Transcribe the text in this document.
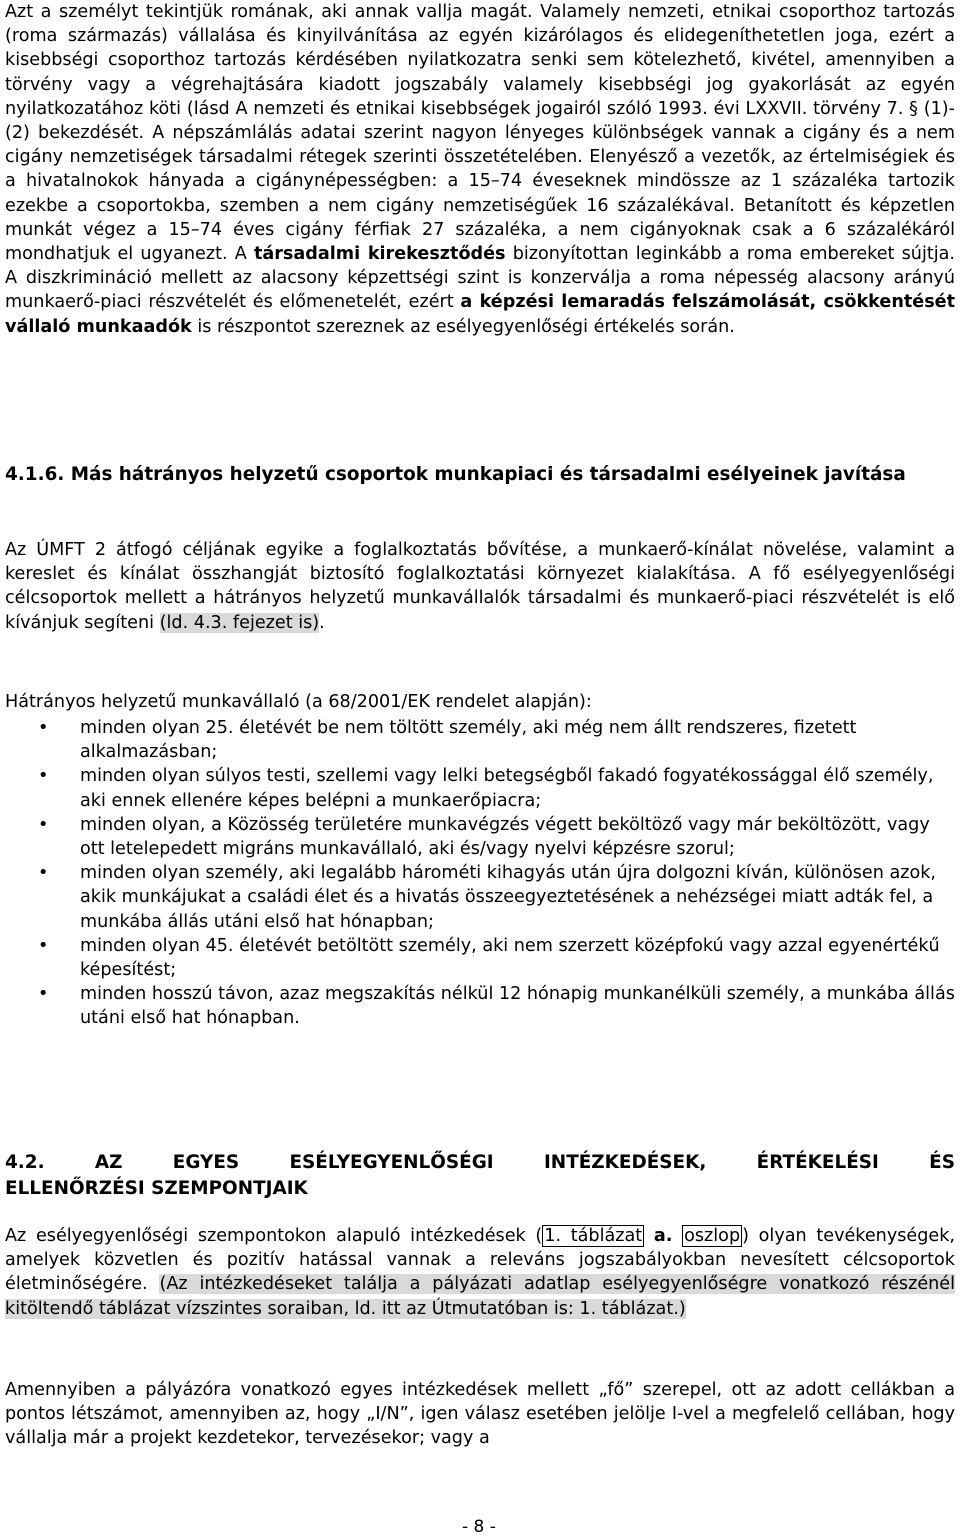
Azt a személyt tekintjük romának, aki annak vallja magát. Valamely nemzeti, etnikai csoporthoz tartozás (roma származás) vállalása és kinyilvánítása az egyén kizárólagos és elidegeníthetetlen joga, ezért a kisebbségi csoporthoz tartozás kérdésében nyilatkozatra senki sem kötelezhető, kivétel, amennyiben a törvény vagy a végrehajtására kiadott jogszabály valamely kisebbségi jog gyakorlását az egyén nyilatkozatához köti (lásd A nemzeti és etnikai kisebbségek jogairól szóló 1993. évi LXXVII. törvény 7. § (1)-(2) bekezdését. A népszámlálás adatai szerint nagyon lényeges különbségek vannak a cigány és a nem cigány nemzetiségek társadalmi rétegek szerinti összetételében. Elenyésző a vezetők, az értelmiségiek és a hivatalnokok hányada a cigánynépességben: a 15–74 éveseknek mindössze az 1 százaléka tartozik ezekbe a csoportokba, szemben a nem cigány nemzetiségűek 16 százalékával. Betanított és képzetlen munkát végez a 15–74 éves cigány férfiak 27 százaléka, a nem cigányoknak csak a 6 százalékáról mondhatjuk el ugyanezt. A társadalmi kirekesztődés bizonyítottan leginkább a roma embereket sújtja. A diszkrimináció mellett az alacsony képzettségi szint is konzerválja a roma népesség alacsony arányú munkaerő-piaci részvételét és előmenetelét, ezért a képzési lemaradás felszámolását, csökkentését vállaló munkaadók is részpontot szereznek az esélyegyenlőségi értékelés során.

4.1.6. Más hátrányos helyzetű csoportok munkapiaci és társadalmi esélyeinek javítása

Az ÚMFT 2 átfogó céljának egyike a foglalkoztatás bővítése, a munkaerő-kínálat növelése, valamint a kereslet és kínálat összhangját biztosító foglalkoztatási környezet kialakítása. A fő esélyegyenlőségi célcsoportok mellett a hátrányos helyzetű munkavállalók társadalmi és munkaerő-piaci részvételét is elő kívánjuk segíteni (ld. 4.3. fejezet is).

Hátrányos helyzetű munkavállaló (a 68/2001/EK rendelet alapján):

• minden olyan 25. életévét be nem töltött személy, aki még nem állt rendszeres, fizetett alkalmazásban;
• minden olyan súlyos testi, szellemi vagy lelki betegségből fakadó fogyatékossággal élő személy, aki ennek ellenére képes belépni a munkaerőpiacra;
• minden olyan, a Közösség területére munkavégzés végett beköltöző vagy már beköltözött, vagy ott letelepedett migráns munkavállaló, aki és/vagy nyelvi képzésre szorul;
• minden olyan személy, aki legalább hárométi kihagyás után újra dolgozni kíván, különösen azok, akik munkájukat a családi élet és a hivatás összeegyeztetésének a nehézségei miatt adták fel, a munkába állás utáni első hat hónapban;
• minden olyan 45. életévét betöltött személy, aki nem szerzett középfokú vagy azzal egyenértékű képesítést;
• minden hosszú távon, azaz megszakítás nélkül 12 hónapig munkanélküli személy, a munkába állás utáni első hat hónapban.
4.2.	AZ	EGYES	ESÉLYEGYENLŐSÉGI	INTÉZKEDÉSEK,	ÉRTÉKELÉSI	ÉS
ELLENŐRZÉSI SZEMPONTJAIK

Az esélyegyenlőségi szempontokon alapuló intézkedések ( 1. táblázat a. oszlop ) olyan tevékenységek, amelyek közvetlen és pozitív hatással vannak a releváns jogszabályokban nevesített célcsoportok életminőségére. (Az intézkedéseket találja a pályázati adatlap esélyegyenlőségre vonatkozó részénél kitöltendő táblázat vízszintes soraiban, ld. itt az Útmutatóban is: 1. táblázat.)

Amennyiben a pályázóra vonatkozó egyes intézkedések mellett „fő” szerepel, ott az adott cellákban a pontos létszámot, amennyiben az, hogy „I/N”, igen válasz esetében jelölje I-vel a megfelelő cellában, hogy vállalja már a projekt kezdetekor, tervezésekor; vagy a

- 8 -
